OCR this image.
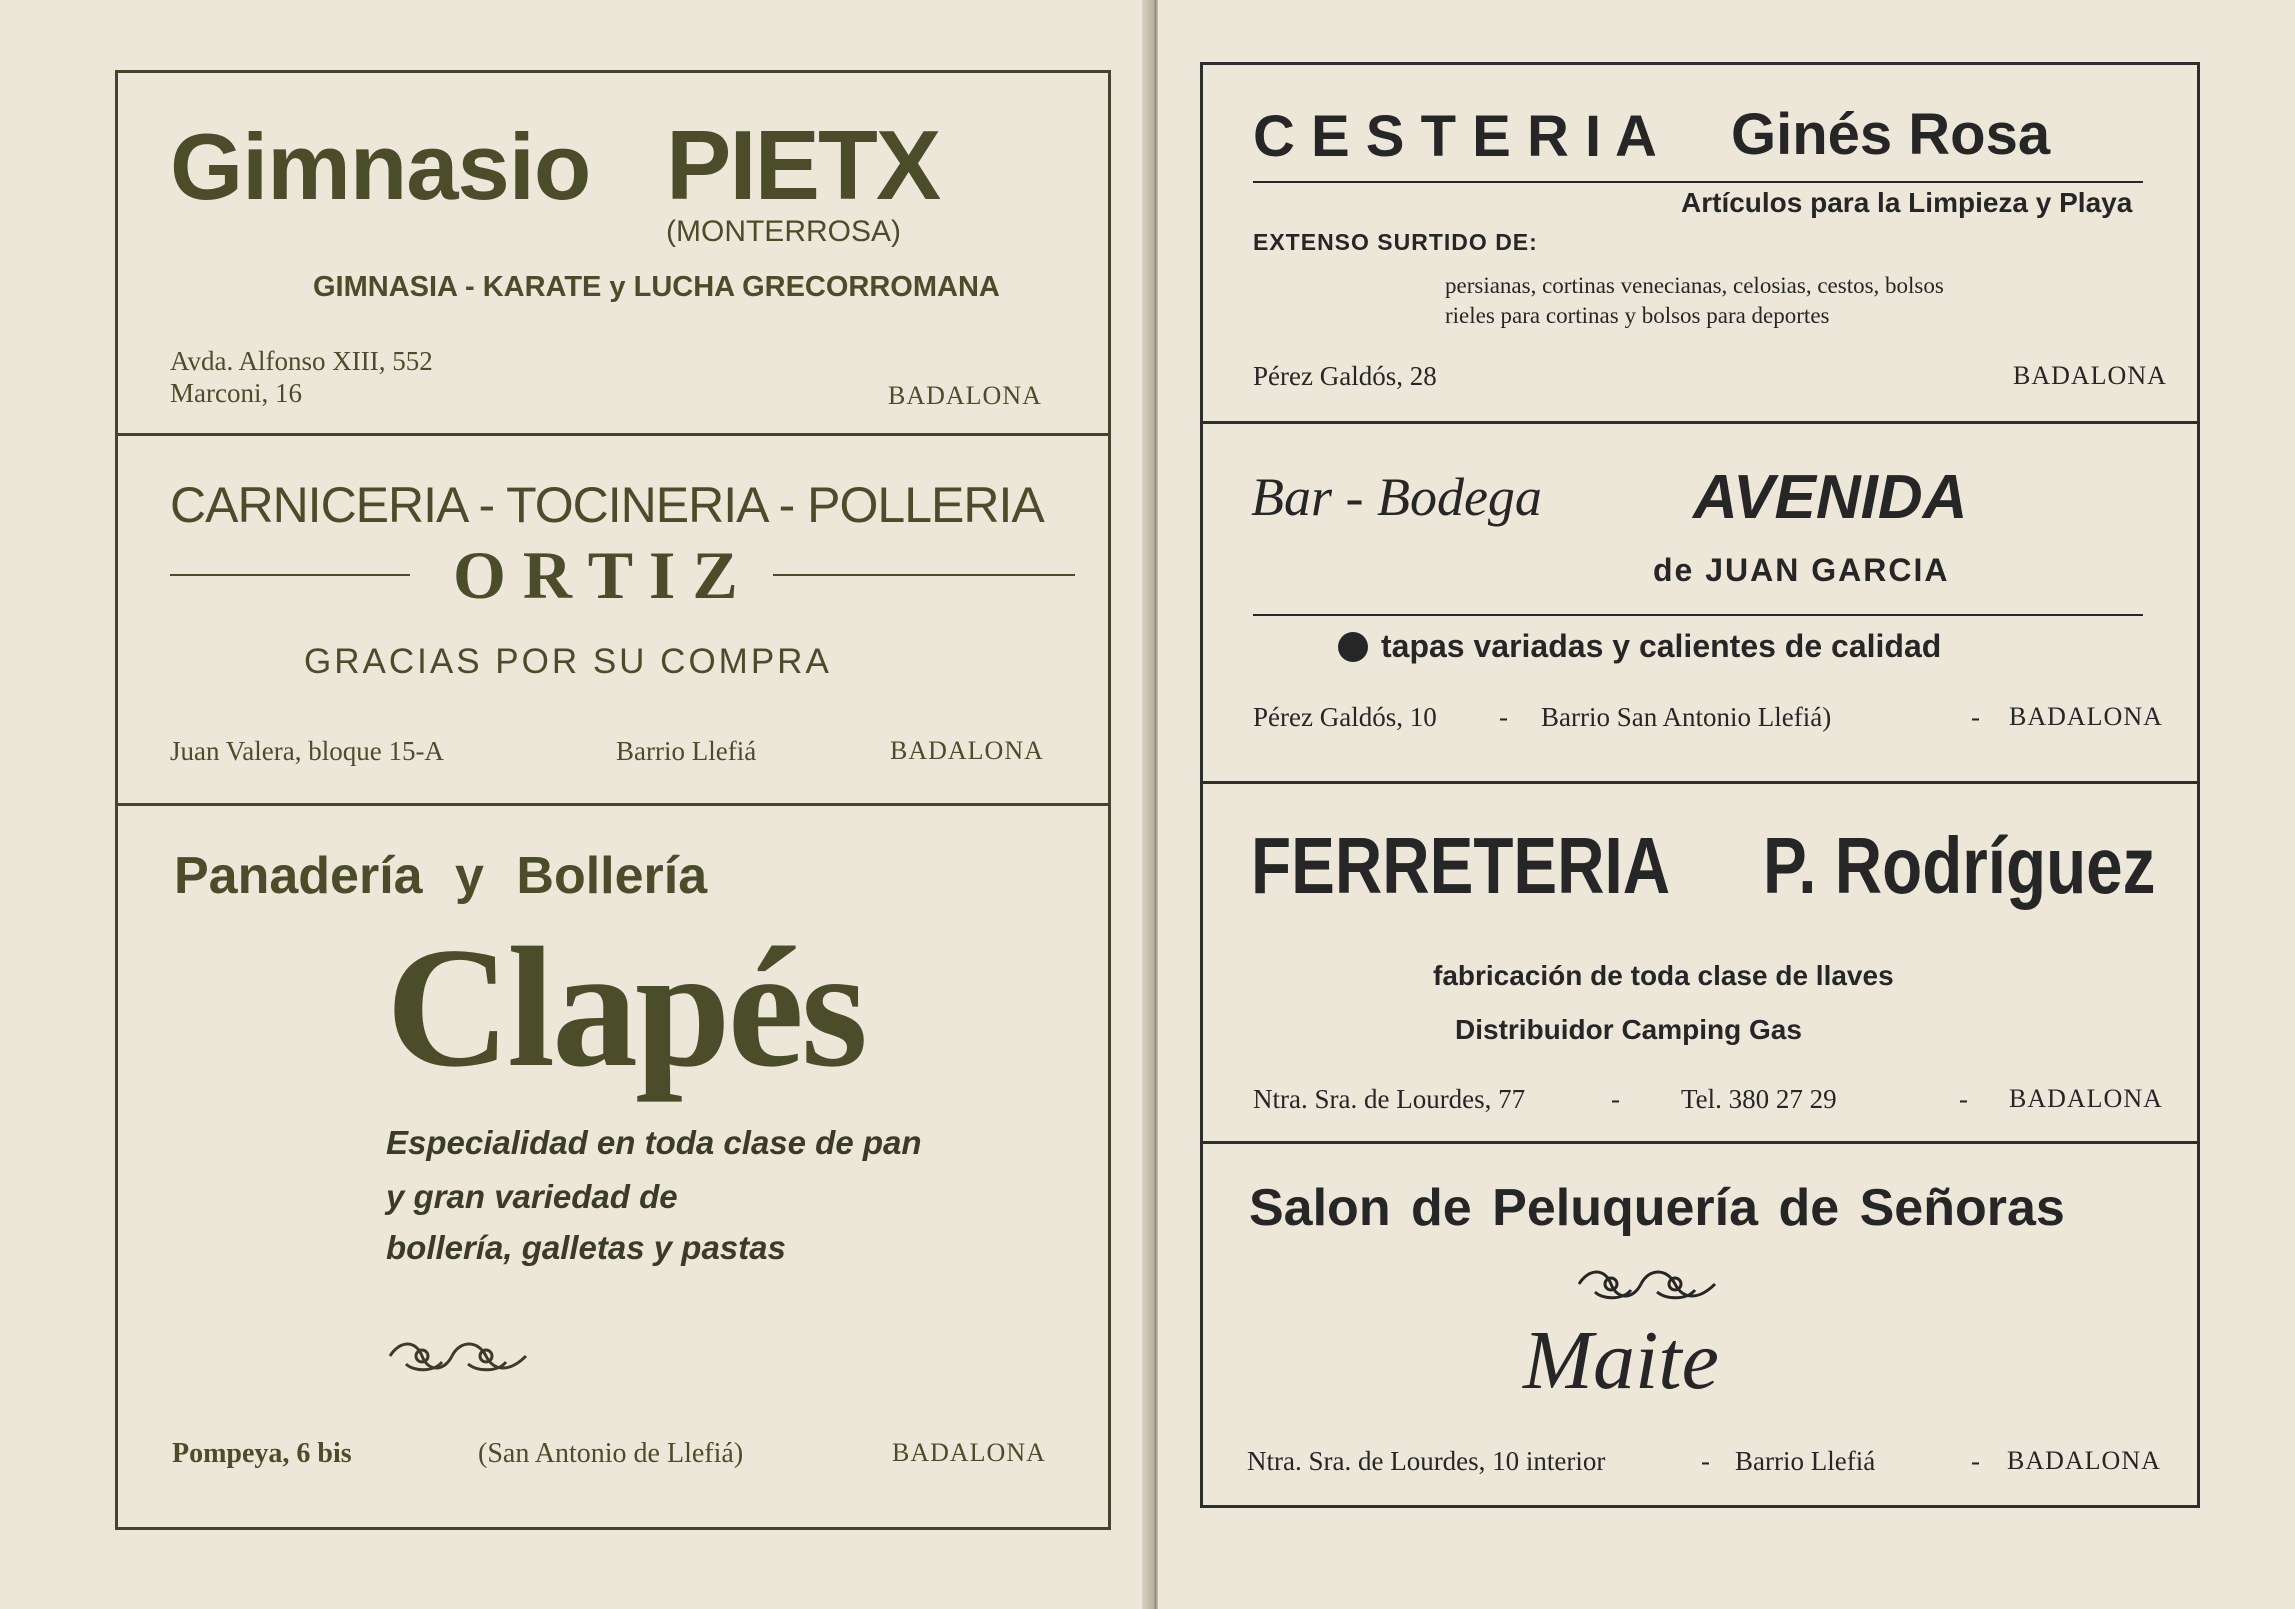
Gimnasio PIETX
(MONTERROSA)
GIMNASIA - KARATE y LUCHA GRECORROMANA
Avda. Alfonso XIII, 552
Marconi, 16	BADALONA
CARNICERIA - TOCINERIA - POLLERIA
O R T I Z
GRACIAS POR SU COMPRA
Juan Valera, bloque 15-A	Barrio Llefiá	BADALONA
Panadería y Bollería
Clapés
Especialidad en toda clase de pan
y gran variedad de
bollería, galletas y pastas
Pompeya, 6 bis	(San Antonio de Llefiá)	BADALONA
C E S T E R I A Ginés Rosa
Artículos para la Limpieza y Playa
EXTENSO SURTIDO DE:
persianas, cortinas venecianas, celosias, cestos, bolsos
rieles para cortinas y bolsos para deportes
Pérez Galdós, 28	BADALONA
Bar - Bodega AVENIDA
de JUAN GARCIA
tapas variadas y calientes de calidad
Pérez Galdós, 10 - Barrio San Antonio Llefiá)	- BADALONA
FERRETERIA P. Rodríguez
fabricación de toda clase de llaves
Distribuidor Camping Gas
Ntra. Sra. de Lourdes, 77	- Tel. 380 27 29	- BADALONA
Salon de Peluquería de Señoras
Maite
Ntra. Sra. de Lourdes, 10 interior	- Barrio Llefiá	- BADALONA
